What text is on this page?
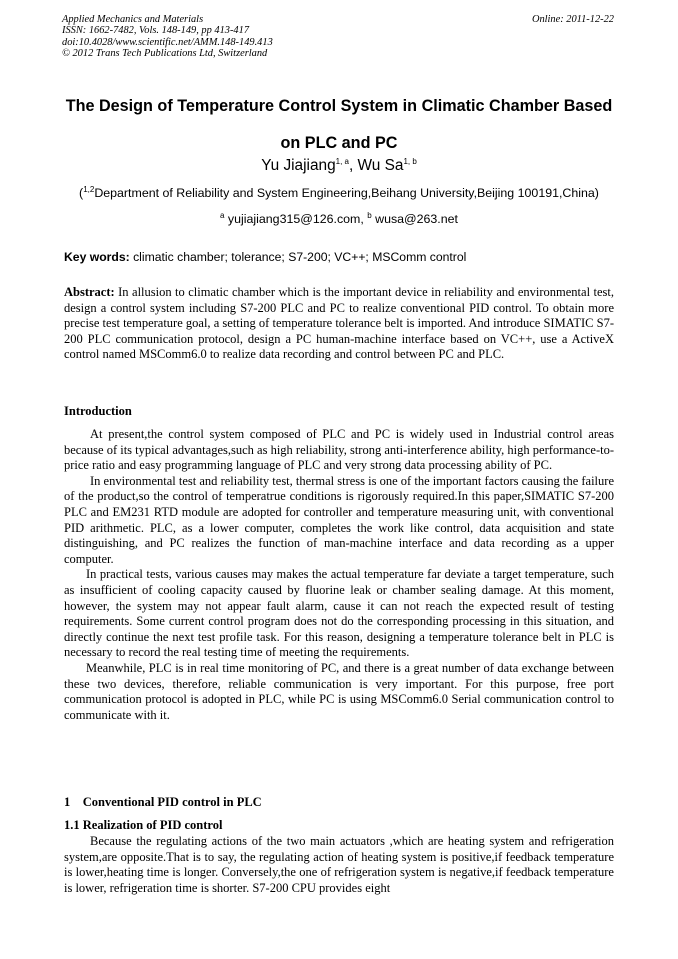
Applied Mechanics and Materials
ISSN: 1662-7482, Vols. 148-149, pp 413-417
doi:10.4028/www.scientific.net/AMM.148-149.413
© 2012 Trans Tech Publications Ltd, Switzerland
Online: 2011-12-22
The Design of Temperature Control System in Climatic Chamber Based
on PLC and PC
Yu Jiajiang$^{1, a}$, Wu Sa$^{1, b}$
($^{1,2}$Department of Reliability and System Engineering,Beihang University,Beijing 100191,China)
$^a$ yujiajiang315@126.com, $^b$ wusa@263.net
Key words: climatic chamber; tolerance; S7-200; VC++; MSComm control

Abstract: In allusion to climatic chamber which is the important device in reliability and environmental test, design a control system including S7-200 PLC and PC to realize conventional PID control. To obtain more precise test temperature goal, a setting of temperature tolerance belt is imported. And introduce SIMATIC S7-200 PLC communication protocol, design a PC human-machine interface based on VC++, use a ActiveX control named MSComm6.0 to realize data recording and control between PC and PLC.

Introduction

At present,the control system composed of PLC and PC is widely used in Industrial control areas because of its typical advantages,such as high reliability, strong anti-interference ability, high performance-to-price ratio and easy programming language of PLC and very strong data processing ability of PC.

In environmental test and reliability test, thermal stress is one of the important factors causing the failure of the product,so the control of temperatrue conditions is rigorously required.In this paper,SIMATIC S7-200 PLC and EM231 RTD module are adopted for controller and temperature measuring unit, with conventional PID arithmetic. PLC, as a lower computer, completes the work like control, data acquisition and state distinguishing, and PC realizes the function of man-machine interface and data recording as a upper computer.

In practical tests, various causes may makes the actual temperature far deviate a target temperature, such as insufficient of cooling capacity caused by fluorine leak or chamber sealing damage. At this moment, however, the system may not appear fault alarm, cause it can not reach the expected result of testing requirements. Some current control program does not do the corresponding processing in this situation, and directly continue the next test profile task. For this reason, designing a temperature tolerance belt in PLC is necessary to record the real testing time of meeting the requirements.

Meanwhile, PLC is in real time monitoring of PC, and there is a great number of data exchange between these two devices, therefore, reliable communication is very important. For this purpose, free port communication protocol is adopted in PLC, while PC is using MSComm6.0 Serial communication control to communicate with it.

1    Conventional PID control in PLC
1.1 Realization of PID control

Because the regulating actions of the two main actuators ,which are heating system and refrigeration system,are opposite.That is to say, the regulating action of heating system is positive,if feedback temperature is lower,heating time is longer. Conversely,the one of refrigeration system is negative,if feedback temperature is lower, refrigeration time is shorter. S7-200 CPU provides eight
